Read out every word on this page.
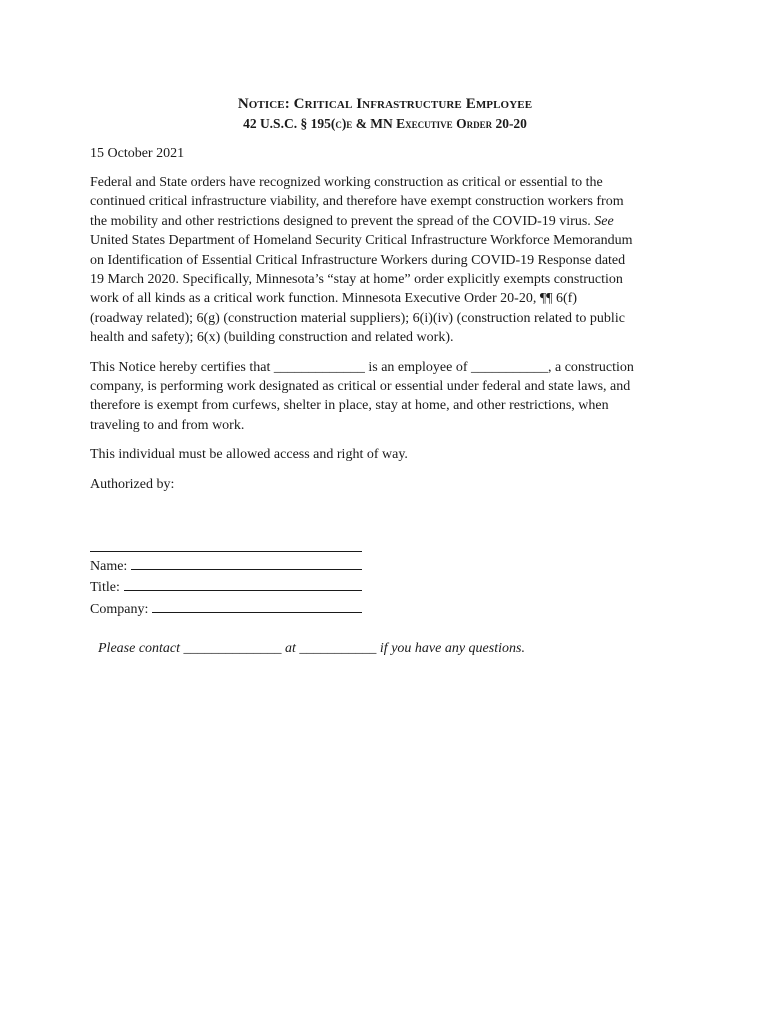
Notice: Critical Infrastructure Employee
42 U.S.C. § 195(c)e & MN Executive Order 20-20
15 October 2021

Federal and State orders have recognized working construction as critical or essential to the
continued critical infrastructure viability, and therefore have exempt construction workers from
the mobility and other restrictions designed to prevent the spread of the COVID-19 virus. See
United States Department of Homeland Security Critical Infrastructure Workforce Memorandum
on Identification of Essential Critical Infrastructure Workers during COVID-19 Response dated
19 March 2020. Specifically, Minnesota’s “stay at home” order explicitly exempts construction
work of all kinds as a critical work function. Minnesota Executive Order 20-20, ¶¶ 6(f)
(roadway related); 6(g) (construction material suppliers); 6(i)(iv) (construction related to public
health and safety); 6(x) (building construction and related work).

This Notice hereby certifies that _____________ is an employee of ___________, a construction
company, is performing work designated as critical or essential under federal and state laws, and
therefore is exempt from curfews, shelter in place, stay at home, and other restrictions, when
traveling to and from work.

This individual must be allowed access and right of way.

Authorized by:
Name:
Title:
Company:
Please contact ______________ at ___________ if you have any questions.
